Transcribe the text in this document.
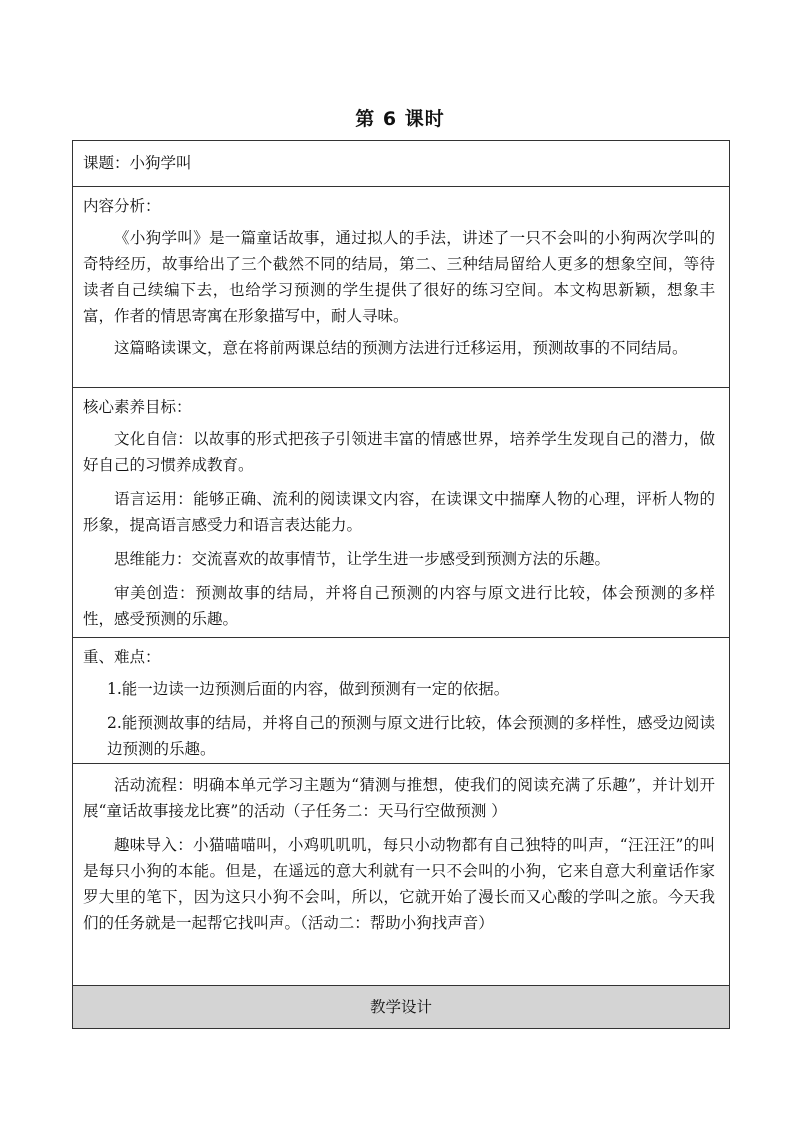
第 6 课时

课题：小狗学叫

内容分析：

《小狗学叫》是一篇童话故事，通过拟人的手法，讲述了一只不会叫的小狗两次学叫的奇特经历，故事给出了三个截然不同的结局，第二、三种结局留给人更多的想象空间，等待读者自己续编下去，也给学习预测的学生提供了很好的练习空间。本文构思新颖，想象丰富，作者的情思寄寓在形象描写中，耐人寻味。

这篇略读课文，意在将前两课总结的预测方法进行迁移运用，预测故事的不同结局。

核心素养目标：

文化自信：以故事的形式把孩子引领进丰富的情感世界，培养学生发现自己的潜力，做好自己的习惯养成教育。

语言运用：能够正确、流利的阅读课文内容，在读课文中揣摩人物的心理，评析人物的形象，提高语言感受力和语言表达能力。

思维能力：交流喜欢的故事情节，让学生进一步感受到预测方法的乐趣。

审美创造：预测故事的结局，并将自己预测的内容与原文进行比较，体会预测的多样性，感受预测的乐趣。

重、难点：

1.能一边读一边预测后面的内容，做到预测有一定的依据。

2.能预测故事的结局，并将自己的预测与原文进行比较，体会预测的多样性，感受边阅读边预测的乐趣。

活动流程：明确本单元学习主题为“猜测与推想，使我们的阅读充满了乐趣”，并计划开展“童话故事接龙比赛”的活动（子任务二：天马行空做预测 ）

趣味导入：小猫喵喵叫，小鸡叽叽叽，每只小动物都有自己独特的叫声，“汪汪汪”的叫是每只小狗的本能。但是，在遥远的意大利就有一只不会叫的小狗，它来自意大利童话作家罗大里的笔下，因为这只小狗不会叫，所以，它就开始了漫长而又心酸的学叫之旅。今天我们的任务就是一起帮它找叫声。（活动二：帮助小狗找声音）

教学设计
